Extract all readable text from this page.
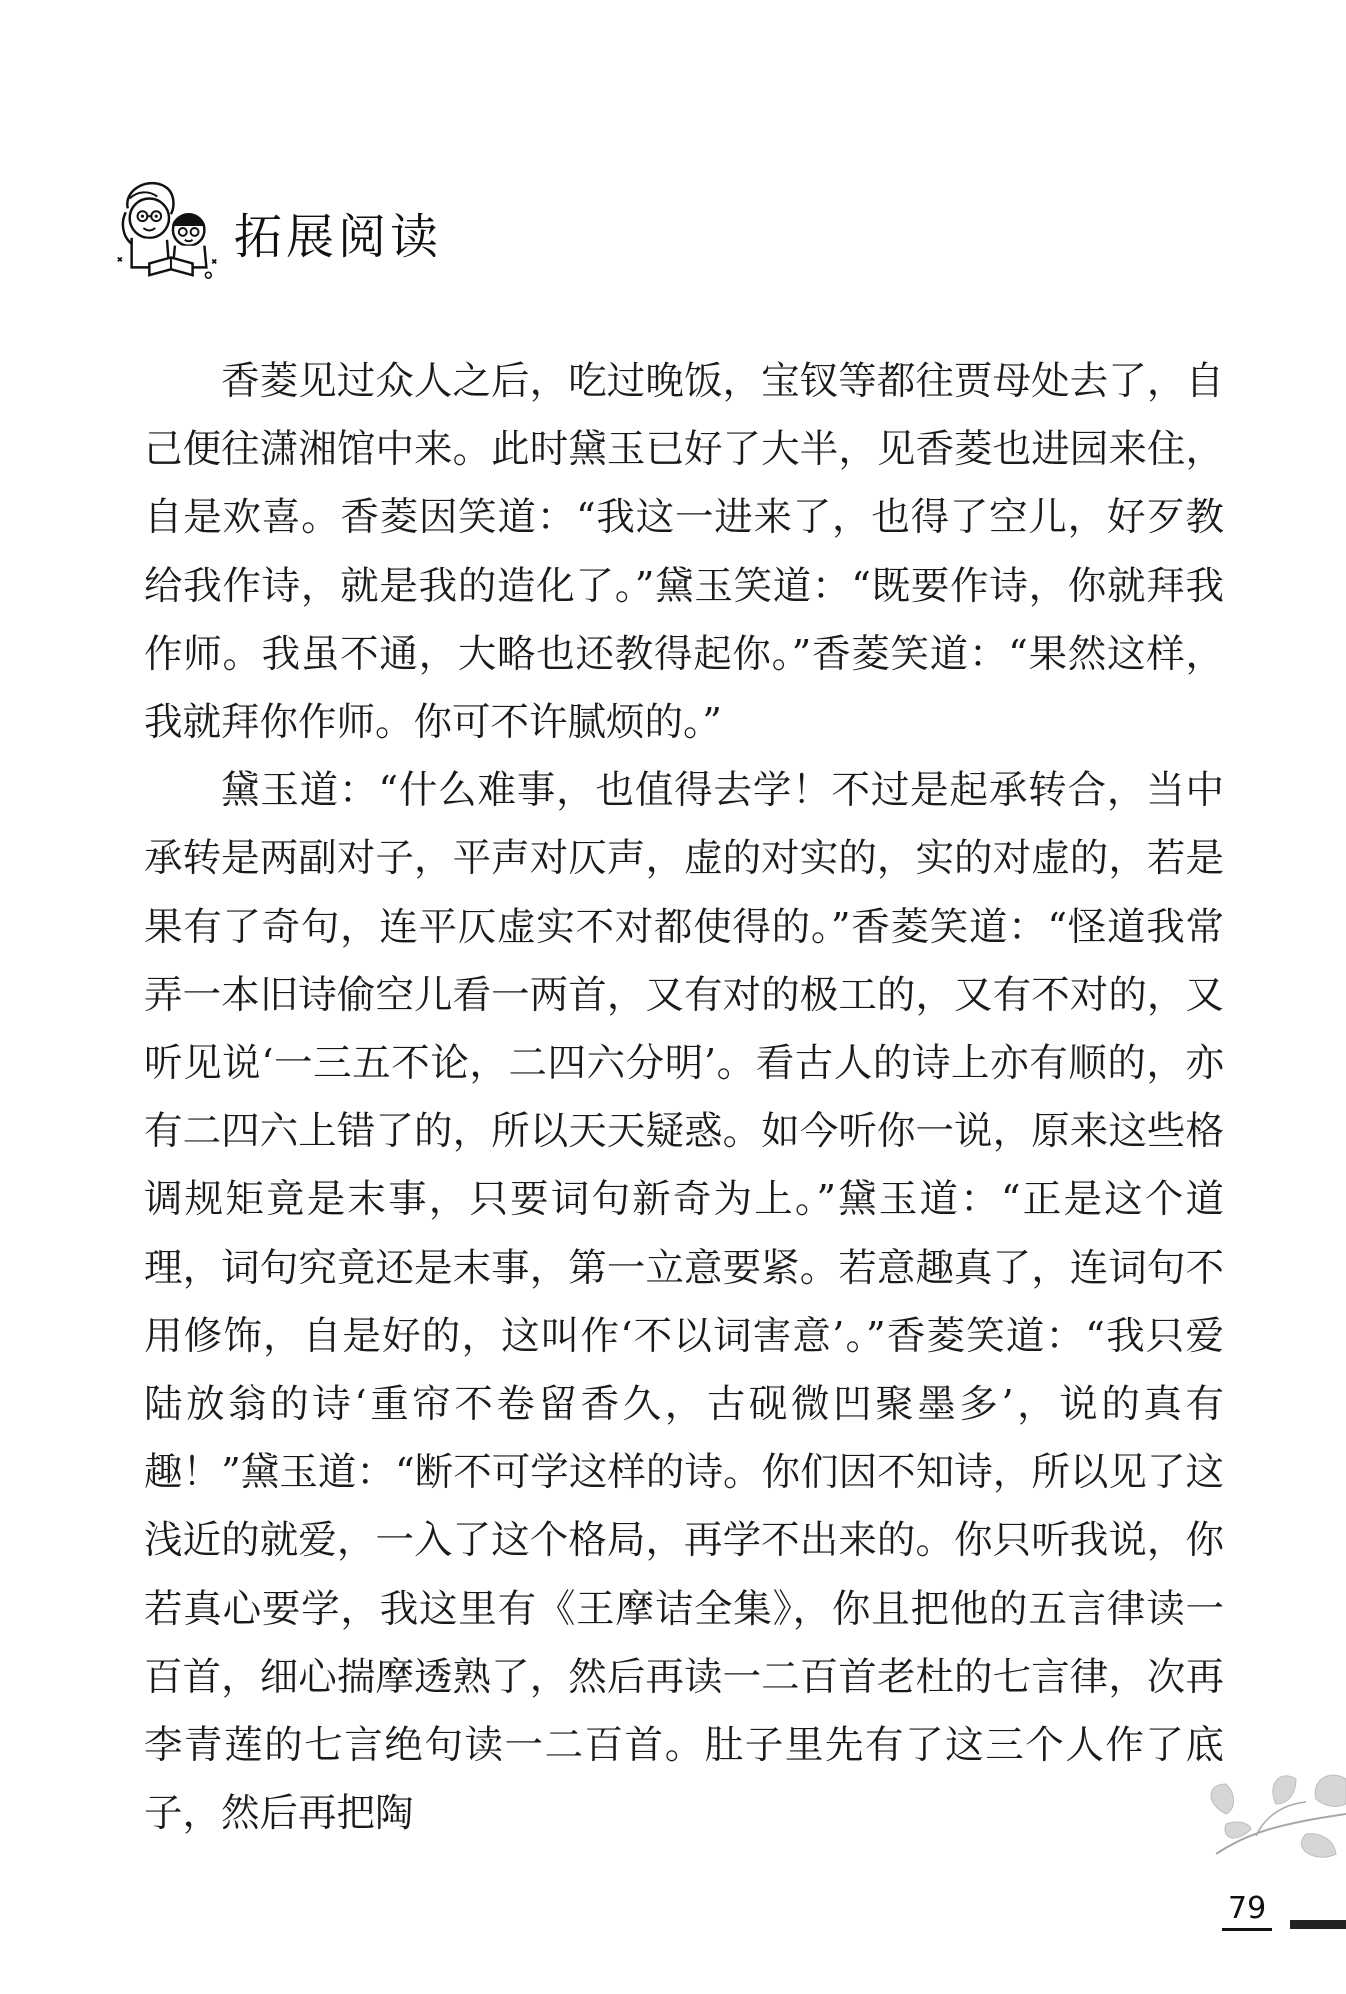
拓展阅读

香菱见过众人之后，吃过晚饭，宝钗等都往贾母处去了，自己便往潇湘馆中来。此时黛玉已好了大半，见香菱也进园来住，自是欢喜。香菱因笑道：“我这一进来了，也得了空儿，好歹教给我作诗，就是我的造化了。”黛玉笑道：“既要作诗，你就拜我作师。我虽不通，大略也还教得起你。”香菱笑道：“果然这样，我就拜你作师。你可不许腻烦的。”

黛玉道：“什么难事，也值得去学！不过是起承转合，当中承转是两副对子，平声对仄声，虚的对实的，实的对虚的，若是果有了奇句，连平仄虚实不对都使得的。”香菱笑道：“怪道我常弄一本旧诗偷空儿看一两首，又有对的极工的，又有不对的，又听见说‘一三五不论，二四六分明’。看古人的诗上亦有顺的，亦有二四六上错了的，所以天天疑惑。如今听你一说，原来这些格调规矩竟是末事，只要词句新奇为上。”黛玉道：“正是这个道理，词句究竟还是末事，第一立意要紧。若意趣真了，连词句不用修饰，自是好的，这叫作‘不以词害意’。”香菱笑道：“我只爱陆放翁的诗‘重帘不卷留香久，古砚微凹聚墨多’，说的真有趣！”黛玉道：“断不可学这样的诗。你们因不知诗，所以见了这浅近的就爱，一入了这个格局，再学不出来的。你只听我说，你若真心要学，我这里有《王摩诘全集》，你且把他的五言律读一百首，细心揣摩透熟了，然后再读一二百首老杜的七言律，次再李青莲的七言绝句读一二百首。肚子里先有了这三个人作了底子，然后再把陶

79
